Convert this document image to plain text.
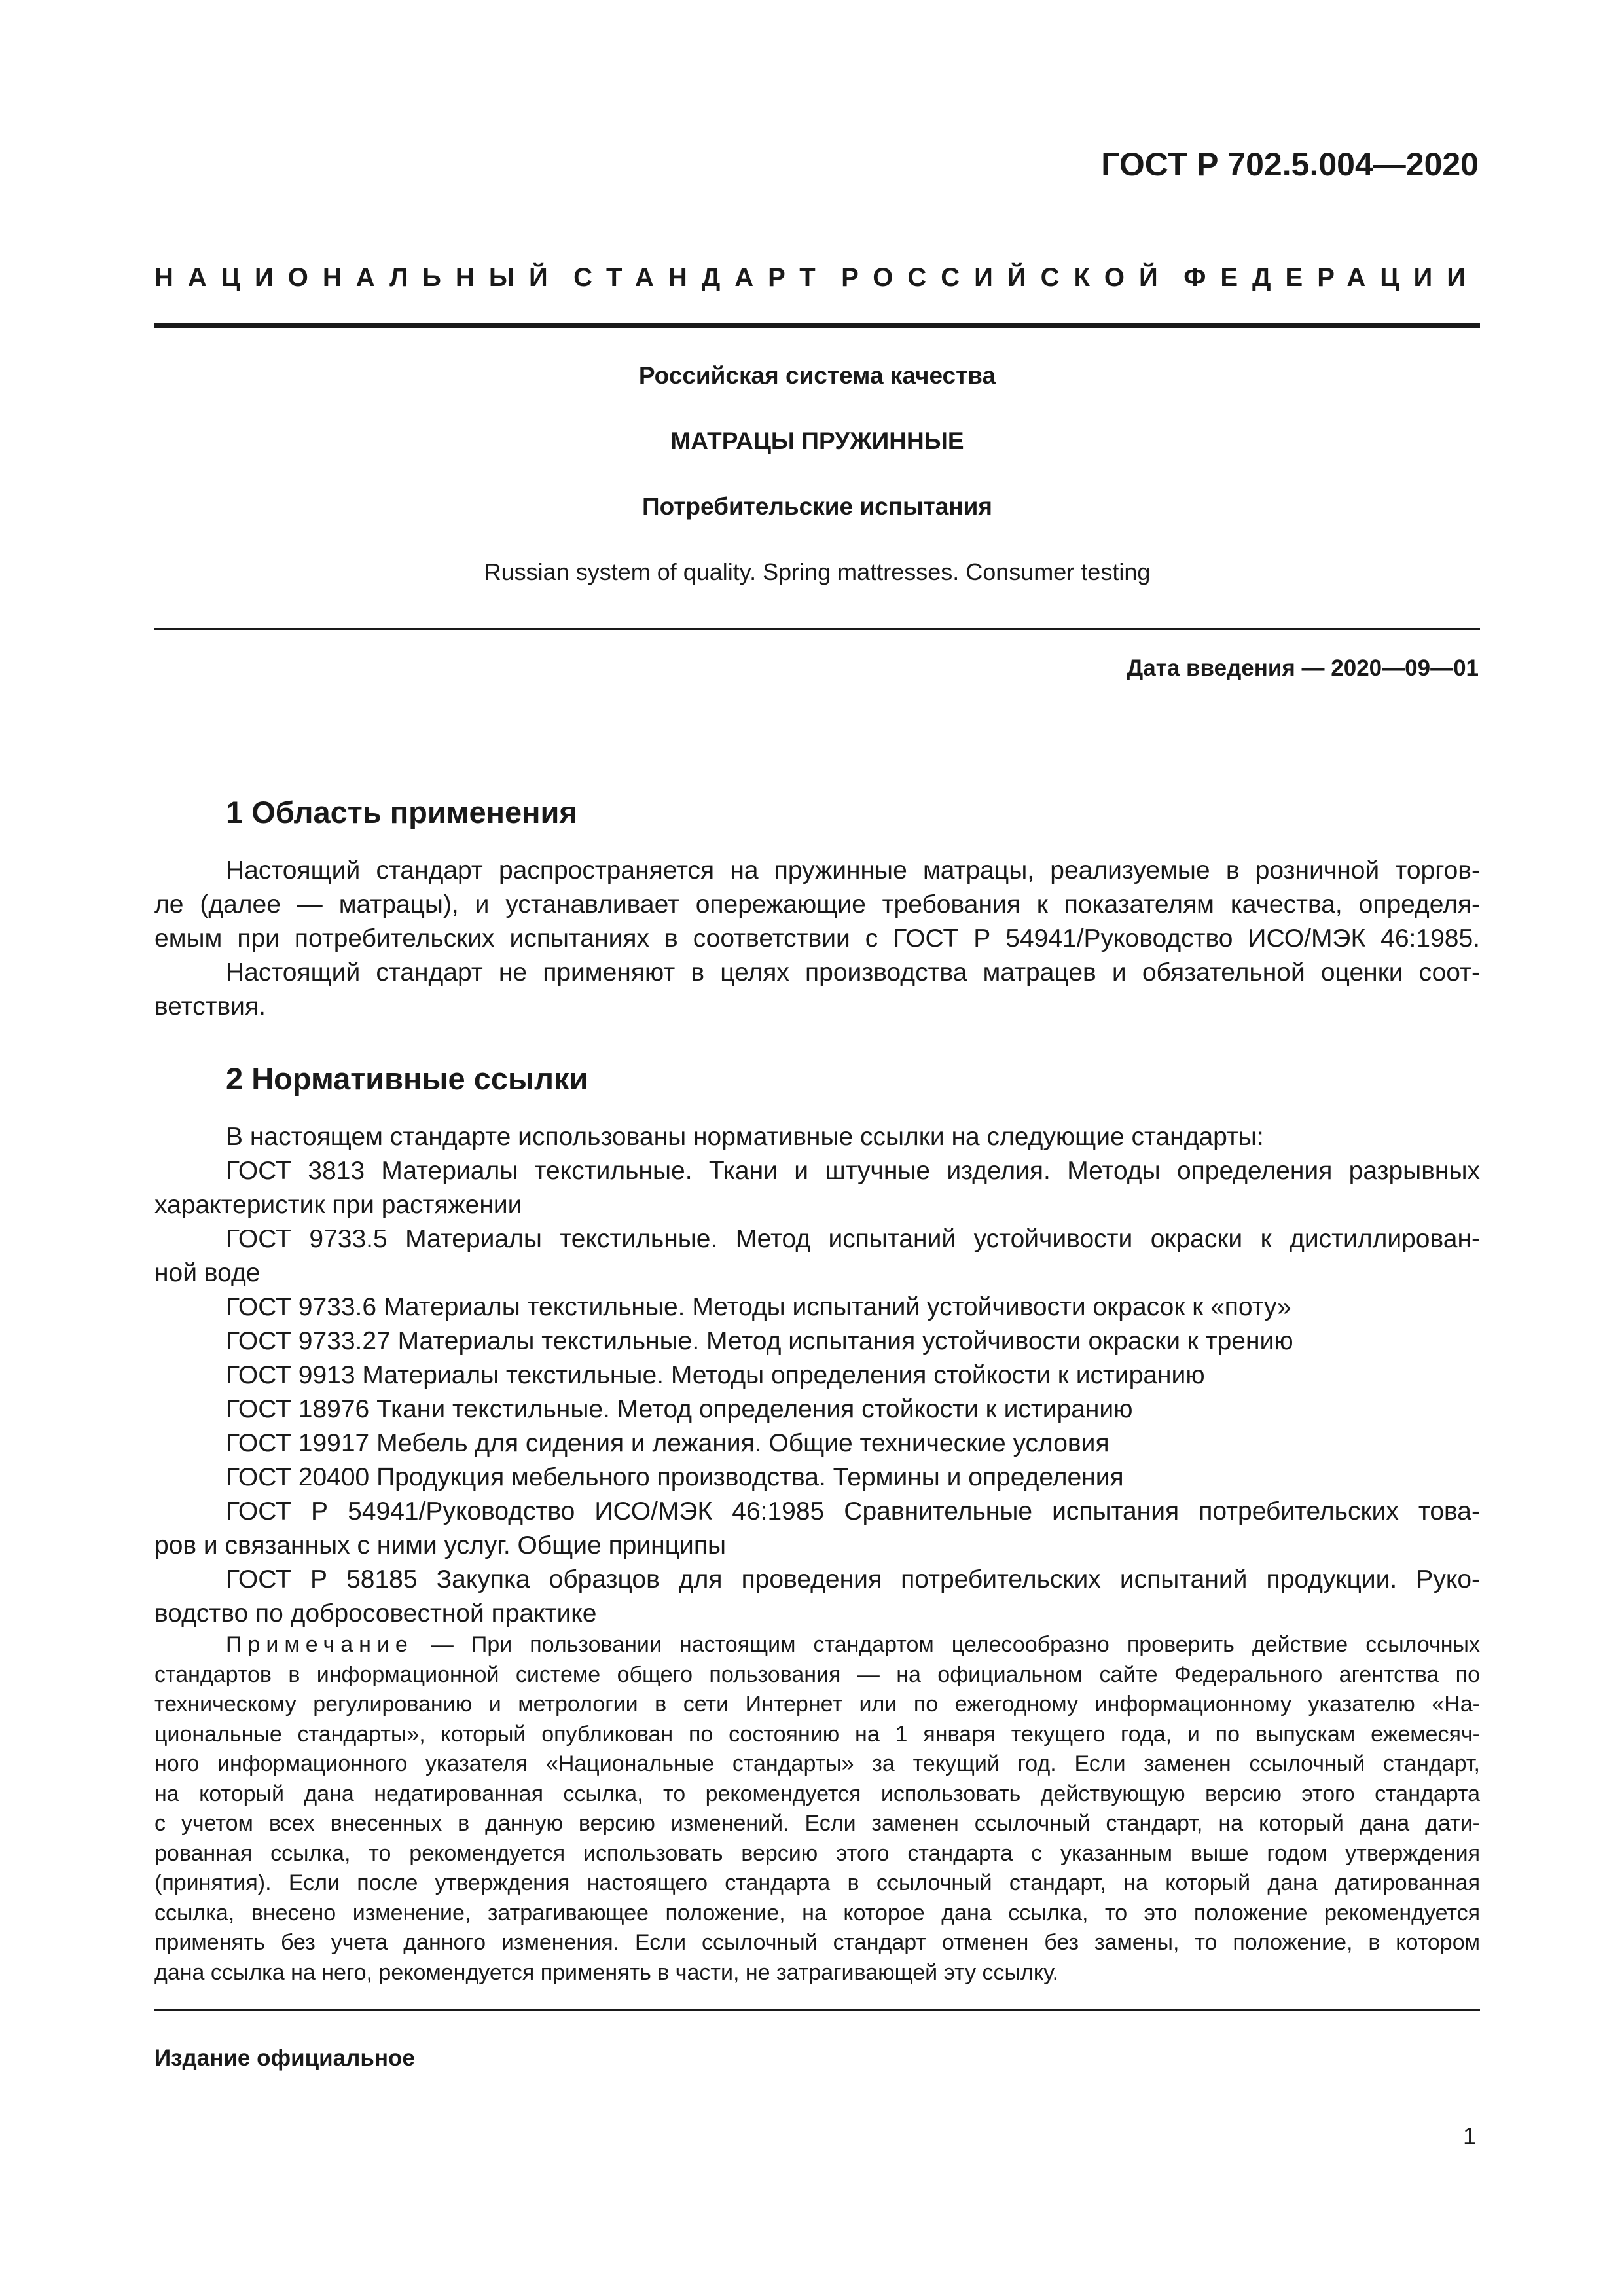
ГОСТ Р 702.5.004—2020
НАЦИОНАЛЬНЫЙ СТАНДАРТ РОССИЙСКОЙ ФЕДЕРАЦИИ
Российская система качества
МАТРАЦЫ ПРУЖИННЫЕ
Потребительские испытания
Russian system of quality. Spring mattresses. Consumer testing
Дата введения — 2020—09—01
1 Область применения
Настоящий стандарт распространяется на пружинные матрацы, реализуемые в розничной торгов-
ле (далее — матрацы), и устанавливает опережающие требования к показателям качества, определя-
емым при потребительских испытаниях в соответствии с ГОСТ Р 54941/Руководство ИСО/МЭК 46:1985.
Настоящий стандарт не применяют в целях производства матрацев и обязательной оценки соот-
ветствия.
2 Нормативные ссылки
В настоящем стандарте использованы нормативные ссылки на следующие стандарты:
ГОСТ 3813 Материалы текстильные. Ткани и штучные изделия. Методы определения разрывных
характеристик при растяжении
ГОСТ 9733.5 Материалы текстильные. Метод испытаний устойчивости окраски к дистиллирован-
ной воде
ГОСТ 9733.6 Материалы текстильные. Методы испытаний устойчивости окрасок к «поту»
ГОСТ 9733.27 Материалы текстильные. Метод испытания устойчивости окраски к трению
ГОСТ 9913 Материалы текстильные. Методы определения стойкости к истиранию
ГОСТ 18976 Ткани текстильные. Метод определения стойкости к истиранию
ГОСТ 19917 Мебель для сидения и лежания. Общие технические условия
ГОСТ 20400 Продукция мебельного производства. Термины и определения
ГОСТ Р 54941/Руководство ИСО/МЭК 46:1985 Сравнительные испытания потребительских това-
ров и связанных с ними услуг. Общие принципы
ГОСТ Р 58185 Закупка образцов для проведения потребительских испытаний продукции. Руко-
водство по добросовестной практике
Примечание — При пользовании настоящим стандартом целесообразно проверить действие ссылочных
стандартов в информационной системе общего пользования — на официальном сайте Федерального агентства по
техническому регулированию и метрологии в сети Интернет или по ежегодному информационному указателю «На-
циональные стандарты», который опубликован по состоянию на 1 января текущего года, и по выпускам ежемесяч-
ного информационного указателя «Национальные стандарты» за текущий год. Если заменен ссылочный стандарт,
на который дана недатированная ссылка, то рекомендуется использовать действующую версию этого стандарта
с учетом всех внесенных в данную версию изменений. Если заменен ссылочный стандарт, на который дана дати-
рованная ссылка, то рекомендуется использовать версию этого стандарта с указанным выше годом утверждения
(принятия). Если после утверждения настоящего стандарта в ссылочный стандарт, на который дана датированная
ссылка, внесено изменение, затрагивающее положение, на которое дана ссылка, то это положение рекомендуется
применять без учета данного изменения. Если ссылочный стандарт отменен без замены, то положение, в котором
дана ссылка на него, рекомендуется применять в части, не затрагивающей эту ссылку.
Издание официальное
1
